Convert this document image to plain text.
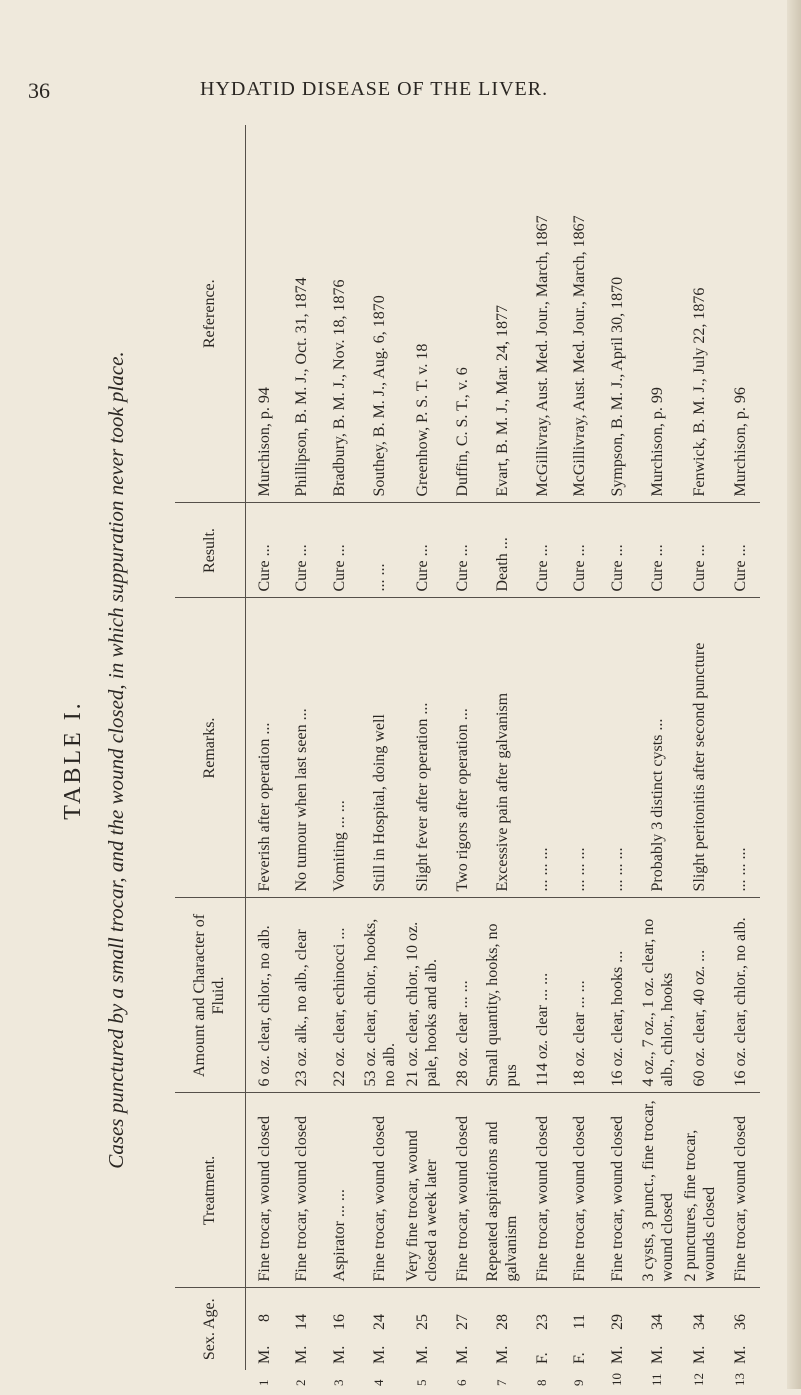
36	HYDATID DISEASE OF THE LIVER.
TABLE I. Cases punctured by a small trocar, and the wound closed, in which suppuration never took place.
Sex. Age.	Treatment.	Amount and Character of Fluid.	Remarks.	Result.	Reference.

1
M.8	Fine trocar, wound closed	6 oz. clear, chlor., no alb.	Feverish after operation ...	Cure ...	Murchison, p. 94

2
M.14	Fine trocar, wound closed	23 oz. alk., no alb., clear	No tumour when last seen ...	Cure ...	Phillipson, B. M. J., Oct. 31, 1874

3
M.16	Aspirator ... ...	22 oz. clear, echinocci ...	Vomiting ... ...	Cure ...	Bradbury, B. M. J., Nov. 18, 1876

4
M.24	Fine trocar, wound closed	53 oz. clear, chlor., hooks, no alb.	Still in Hospital, doing well	... ...	Southey, B. M. J., Aug. 6, 1870

5
M.25	Very fine trocar, wound closed a week later	21 oz. clear, chlor., 10 oz. pale, hooks and alb.	Slight fever after operation ...	Cure ...	Greenhow, P. S. T. v. 18

6
M.27	Fine trocar, wound closed	28 oz. clear ... ...	Two rigors after operation ...	Cure ...	Duffin, C. S. T., v. 6

7
M.28	Repeated aspirations and galvanism	Small quantity, hooks, no pus	Excessive pain after galvanism	Death ...	Evart, B. M. J., Mar. 24, 1877

8
F.23	Fine trocar, wound closed	114 oz. clear ... ...	... ... ...	Cure ...	McGillivray, Aust. Med. Jour., March, 1867

9
F.11	Fine trocar, wound closed	18 oz. clear ... ...	... ... ...	Cure ...	McGillivray, Aust. Med. Jour., March, 1867

10
M.29	Fine trocar, wound closed	16 oz. clear, hooks ...	... ... ...	Cure ...	Sympson, B. M. J., April 30, 1870

11
M.34	3 cysts, 3 punct., fine trocar, wound closed	4 oz., 7 oz., 1 oz. clear, no alb., chlor., hooks	Probably 3 distinct cysts ...	Cure ...	Murchison, p. 99

12
M.34	2 punctures, fine trocar, wounds closed	60 oz. clear, 40 oz. ...	Slight peritonitis after second puncture	Cure ...	Fenwick, B. M. J., July 22, 1876

13
M.36	Fine trocar, wound closed	16 oz. clear, chlor., no alb.	... ... ...	Cure ...	Murchison, p. 96
